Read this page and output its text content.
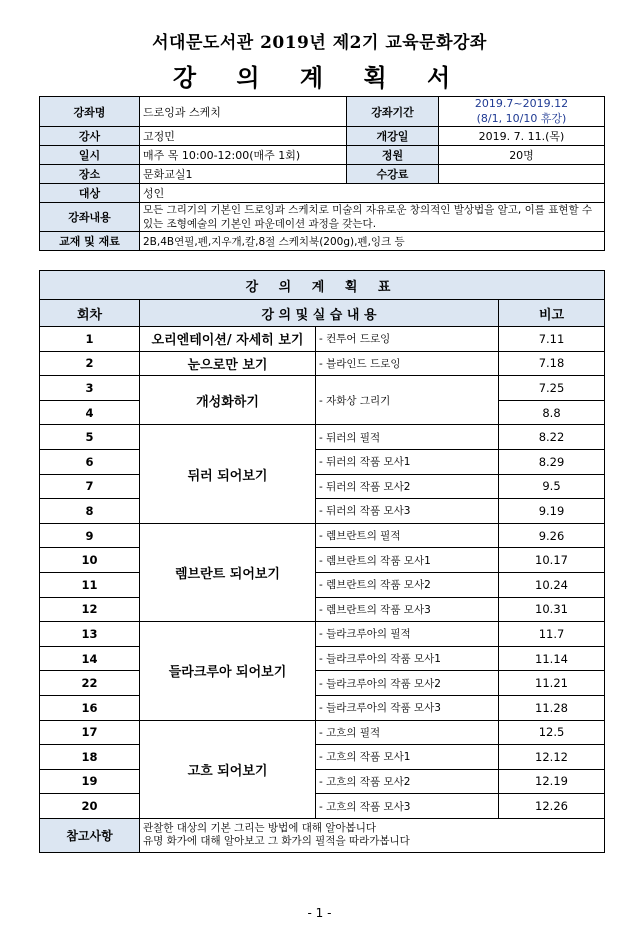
서대문도서관 2019년 제2기 교육문화강좌
강 의 계 획 서
강좌명	드로잉과 스케치	강좌기간	2019.7~2019.12
(8/1, 10/10 휴강)

강사	고정민	개강일	2019. 7. 11.(목)
일시	매주 목 10:00-12:00(매주 1회)	정원	20명
장소	문화교실1	수강료	
대상	성인		
강좌내용	모든 그리기의 기본인 드로잉과 스케치로 미술의 자유로운 창의적인 발상법을 알고, 이를 표현할 수 있는 조형예술의 기본인 파운데이션 과정을 갖는다.		
교재 및 재료	2B,4B연필,펜,지우개,칼,8절 스케치북(200g),펜,잉크 등		
강 의 계 획 표			
회차	강 의 및 실 습 내 용		비고
1	오리엔테이션/ 자세히 보기	- 컨투어 드로잉	7.11
2	눈으로만 보기	- 블라인드 드로잉	7.18
3	개성화하기	- 자화상 그리기	7.25
4			8.8
5	뒤러 되어보기	- 뒤러의 필적	8.22
6		- 뒤러의 작품 모사1	8.29
7		- 뒤러의 작품 모사2	9.5
8		- 뒤러의 작품 모사3	9.19
9	렘브란트 되어보기	- 렘브란트의 필적	9.26
10		- 렘브란트의 작품 모사1	10.17
11		- 렘브란트의 작품 모사2	10.24
12		- 렘브란트의 작품 모사3	10.31
13	들라크루아 되어보기	- 들라크루아의 필적	11.7
14		- 들라크루아의 작품 모사1	11.14
22		- 들라크루아의 작품 모사2	11.21
16		- 들라크루아의 작품 모사3	11.28
17	고흐 되어보기	- 고흐의 필적	12.5
18		- 고흐의 작품 모사1	12.12
19		- 고흐의 작품 모사2	12.19
20		- 고흐의 작품 모사3	12.26
참고사항	관찰한 대상의 기본 그리는 방법에 대해 알아봅니다
유명 화가에 대해 알아보고 그 화가의 필적을 따라가봅니다		
- 1 -
